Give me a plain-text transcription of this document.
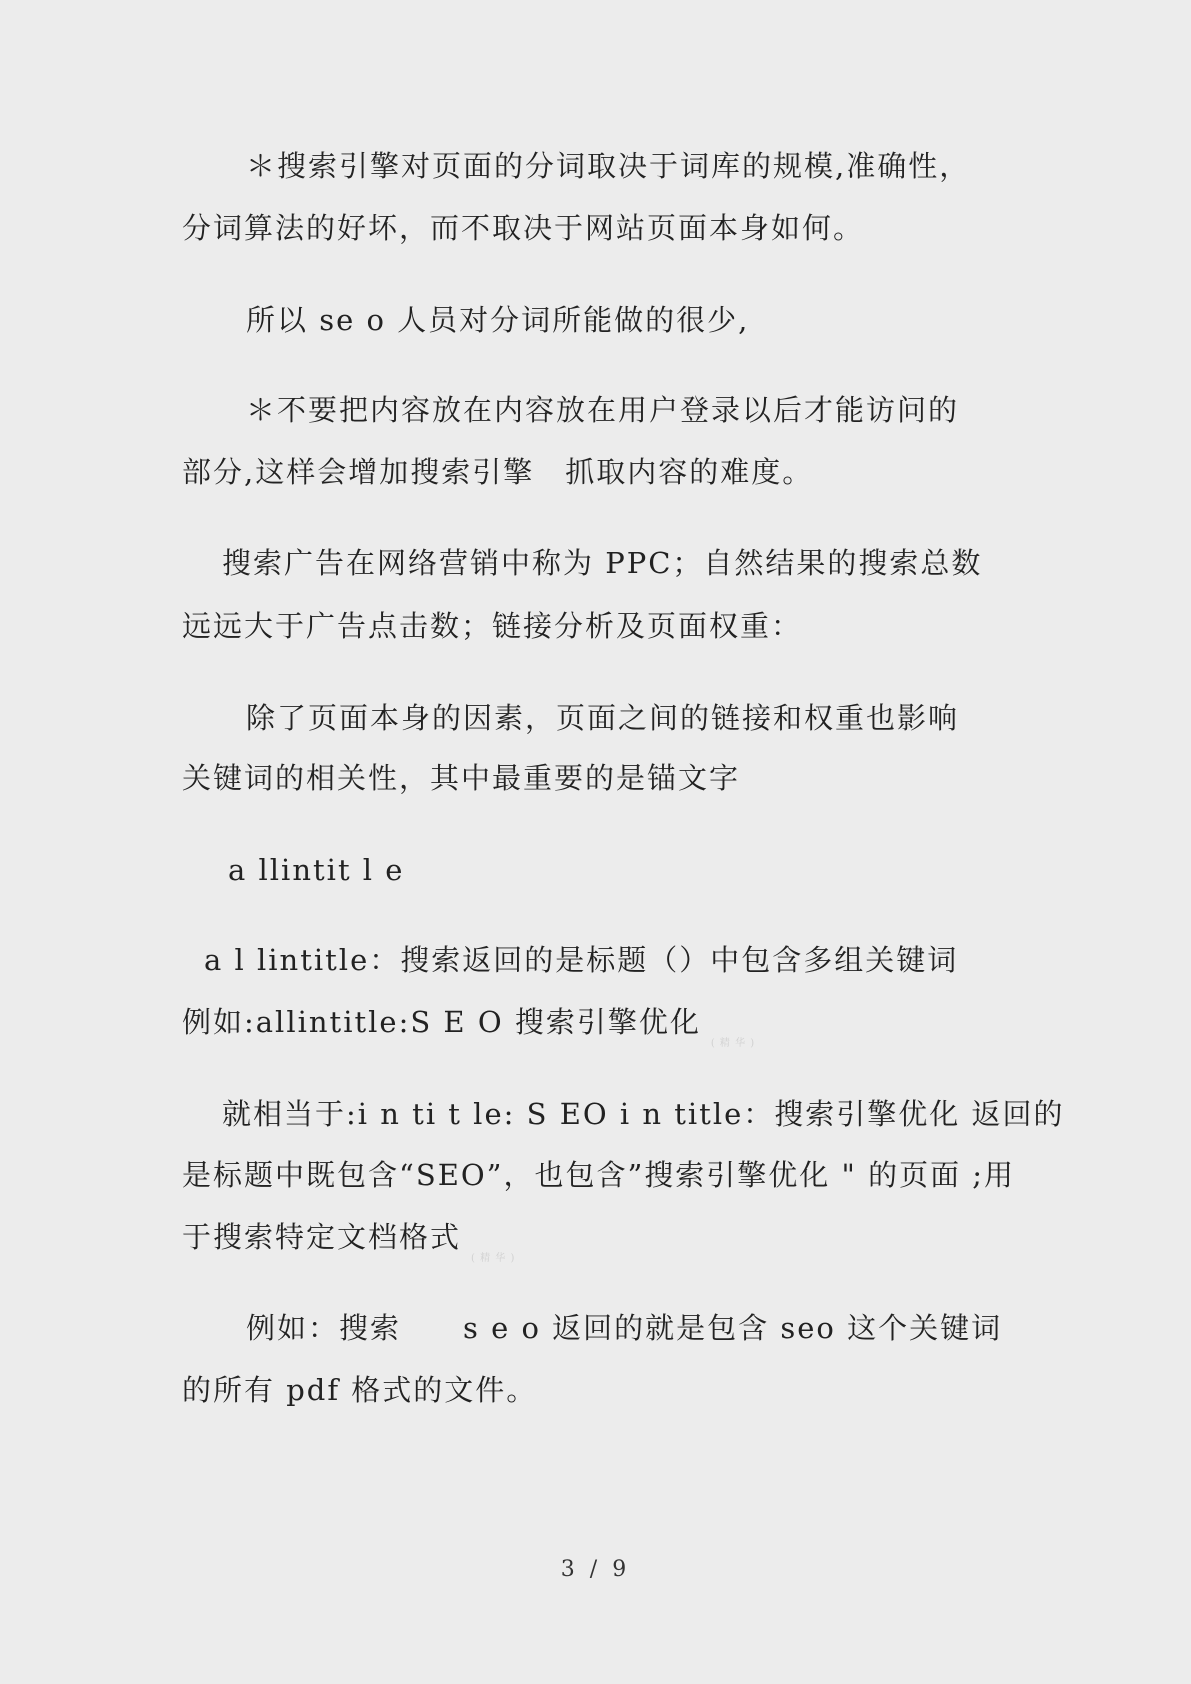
＊搜索引擎对页面的分词取决于词库的规模,准确性，
分词算法的好坏，而不取决于网站页面本身如何。
所以 se o 人员对分词所能做的很少,
＊不要把内容放在内容放在用户登录以后才能访问的
部分,这样会增加搜索引擎　抓取内容的难度。
搜索广告在网络营销中称为 PPC；自然结果的搜索总数
远远大于广告点击数；链接分析及页面权重：
除了页面本身的因素，页面之间的链接和权重也影响
关键词的相关性，其中最重要的是锚文字
a llintit l e
a l lintitle：搜索返回的是标题（）中包含多组关键词
例如:allintitle:S E O 搜索引擎优化( 精 华 )
就相当于:i n ti t le: S EO i n title：搜索引擎优化 返回的
是标题中既包含“SEO”，也包含”搜索引擎优化 " 的页面 ;用
于搜索特定文档格式( 精 华 )
例如：搜索　　s e o 返回的就是包含 seo 这个关键词
的所有 pdf 格式的文件。
3 / 9
